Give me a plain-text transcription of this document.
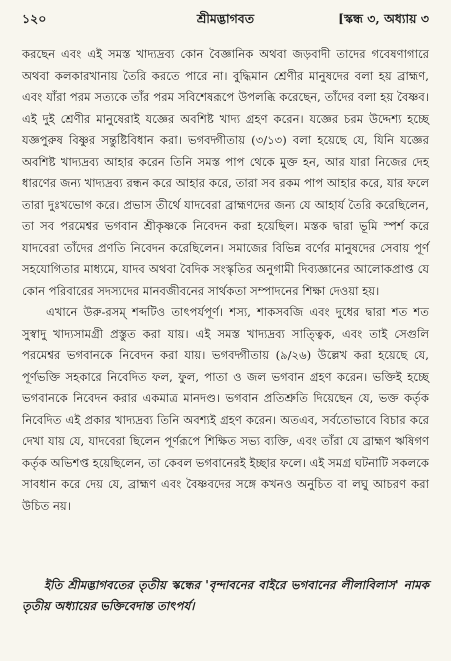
১২০	শ্রীমদ্ভাগবত	[স্কন্ধ ৩, অধ্যায় ৩

করছেন এবং এই সমস্ত খাদ্যদ্রব্য কোন বৈজ্ঞানিক অথবা জড়বাদী তাদের গবেষণাগারে অথবা কলকারখানায় তৈরি করতে পারে না। বুদ্ধিমান শ্রেণীর মানুষদের বলা হয় ব্রাহ্মণ, এবং যাঁরা পরম সত্যকে তাঁর পরম সবিশেষরূপে উপলব্ধি করেছেন, তাঁদের বলা হয় বৈষ্ণব। এই দুই শ্রেণীর মানুষেরাই যজ্ঞের অবশিষ্ট খাদ্য গ্রহণ করেন। যজ্ঞের চরম উদ্দেশ্য হচ্ছে যজ্ঞপুরুষ বিষ্ণুর সন্তুষ্টিবিধান করা। ভগবদ্গীতায় (৩/১৩) বলা হয়েছে যে, যিনি যজ্ঞের অবশিষ্ট খাদ্যদ্রব্য আহার করেন তিনি সমস্ত পাপ থেকে মুক্ত হন, আর যারা নিজের দেহ ধারণের জন্য খাদ্যদ্রব্য রন্ধন করে আহার করে, তারা সব রকম পাপ আহার করে, যার ফলে তারা দুঃখভোগ করে। প্রভাস তীর্থে যাদবেরা ব্রাহ্মণদের জন্য যে আহার্য তৈরি করেছিলেন, তা সব পরমেশ্বর ভগবান শ্রীকৃষ্ণকে নিবেদন করা হয়েছিল। মস্তক দ্বারা ভূমি স্পর্শ করে যাদবেরা তাঁদের প্রণতি নিবেদন করেছিলেন। সমাজের বিভিন্ন বর্ণের মানুষদের সেবায় পূর্ণ সহযোগিতার মাধ্যমে, যাদব অথবা বৈদিক সংস্কৃতির অনুগামী দিব্যজ্ঞানের আলোকপ্রাপ্ত যে কোন পরিবারের সদস্যদের মানবজীবনের সার্থকতা সম্পাদনের শিক্ষা দেওয়া হয়।

এখানে উরু-রসম্ শব্দটিও তাৎপর্যপূর্ণ। শস্য, শাকসবজি এবং দুধের দ্বারা শত শত সুস্বাদু খাদ্যসামগ্রী প্রস্তুত করা যায়। এই সমস্ত খাদ্যদ্রব্য সাত্ত্বিক, এবং তাই সেগুলি পরমেশ্বর ভগবানকে নিবেদন করা যায়। ভগবদ্গীতায় (৯/২৬) উল্লেখ করা হয়েছে যে, পূর্ণভক্তি সহকারে নিবেদিত ফল, ফুল, পাতা ও জল ভগবান গ্রহণ করেন। ভক্তিই হচ্ছে ভগবানকে নিবেদন করার একমাত্র মানদণ্ড। ভগবান প্রতিশ্রুতি দিয়েছেন যে, ভক্ত কর্তৃক নিবেদিত এই প্রকার খাদ্যদ্রব্য তিনি অবশ্যই গ্রহণ করেন। অতএব, সর্বতোভাবে বিচার করে দেখা যায় যে, যাদবেরা ছিলেন পূর্ণরূপে শিক্ষিত সভ্য ব্যক্তি, এবং তাঁরা যে ব্রাহ্মণ ঋষিগণ কর্তৃক অভিশপ্ত হয়েছিলেন, তা কেবল ভগবানেরই ইচ্ছার ফলে। এই সমগ্র ঘটনাটি সকলকে সাবধান করে দেয় যে, ব্রাহ্মণ এবং বৈষ্ণবদের সঙ্গে কখনও অনুচিত বা লঘু আচরণ করা উচিত নয়।

ইতি শ্রীমদ্ভাগবতের তৃতীয় স্কন্ধের 'বৃন্দাবনের বাইরে ভগবানের লীলাবিলাস' নামক তৃতীয় অধ্যায়ের ভক্তিবেদান্ত তাৎপর্য।
